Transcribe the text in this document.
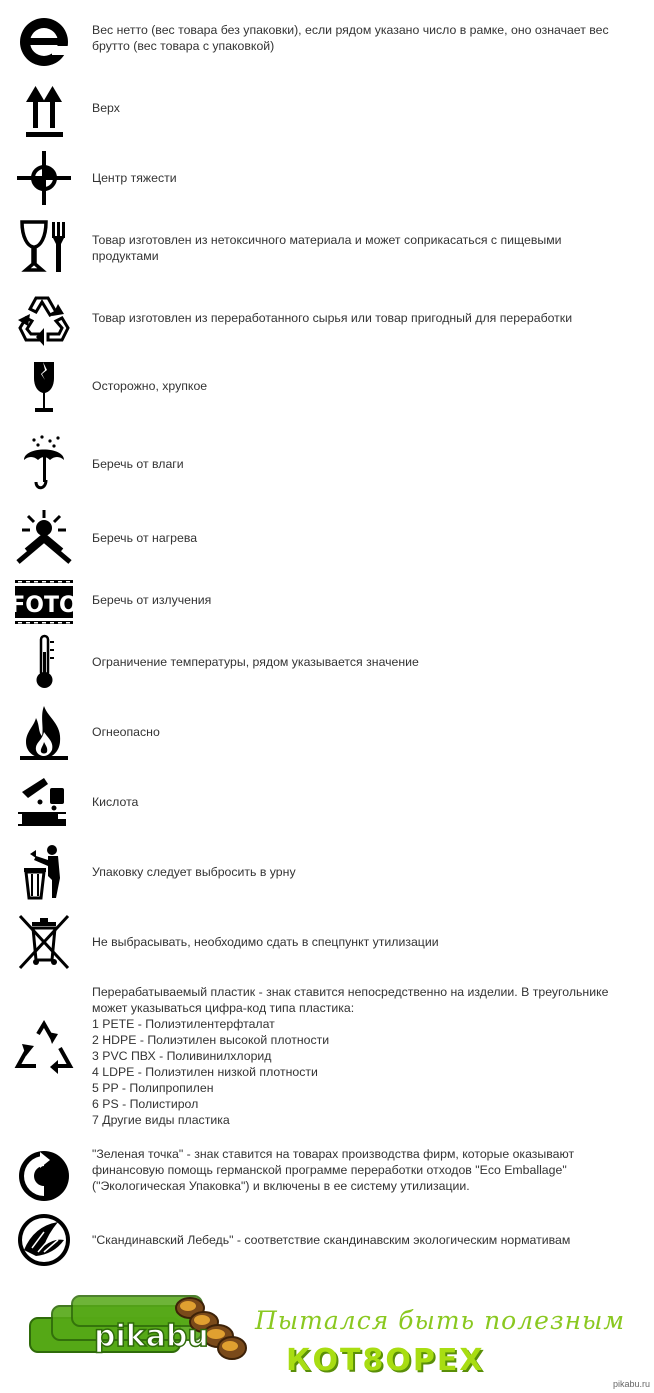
Вес нетто (вес товара без упаковки), если рядом указано число в рамке, оно означает вес
брутто (вес товара с упаковкой)
Верх
Центр тяжести
Товар изготовлен из нетоксичного материала и может соприкасаться с пищевыми
продуктами
Товар изготовлен из переработанного сырья или товар пригодный для переработки
Осторожно, хрупкое
Беречь от влаги
Беречь от нагрева
FOTO Беречь от излучения
Ограничение температуры, рядом указывается значение
Огнеопасно
Кислота
Упаковку следует выбросить в урну
Не выбрасывать, необходимо сдать в спецпункт утилизации
Перерабатываемый пластик - знак ставится непосредственно на изделии. В треугольнике
может указываться цифра-код типа пластика:
1 PETE - Полиэтилентерфталат
2 HDPE - Полиэтилен высокой плотности
3 PVC ПВХ - Поливинилхлорид
4 LDPE - Полиэтилен низкой плотности
5 PP - Полипропилен
6 PS - Полистирол
7 Другие виды пластика
"Зеленая точка" - знак ставится на товарах производства фирм, которые оказывают
финансовую помощь германской программе переработки отходов "Eco Emballage"
("Экологическая Упаковка") и включены в ее систему утилизации.
"Скандинавский Лебедь" - соответствие скандинавским экологическим нормативам
pikabu Пытался быть полезным
КОТ8ОРЕХ
pikabu.ru
